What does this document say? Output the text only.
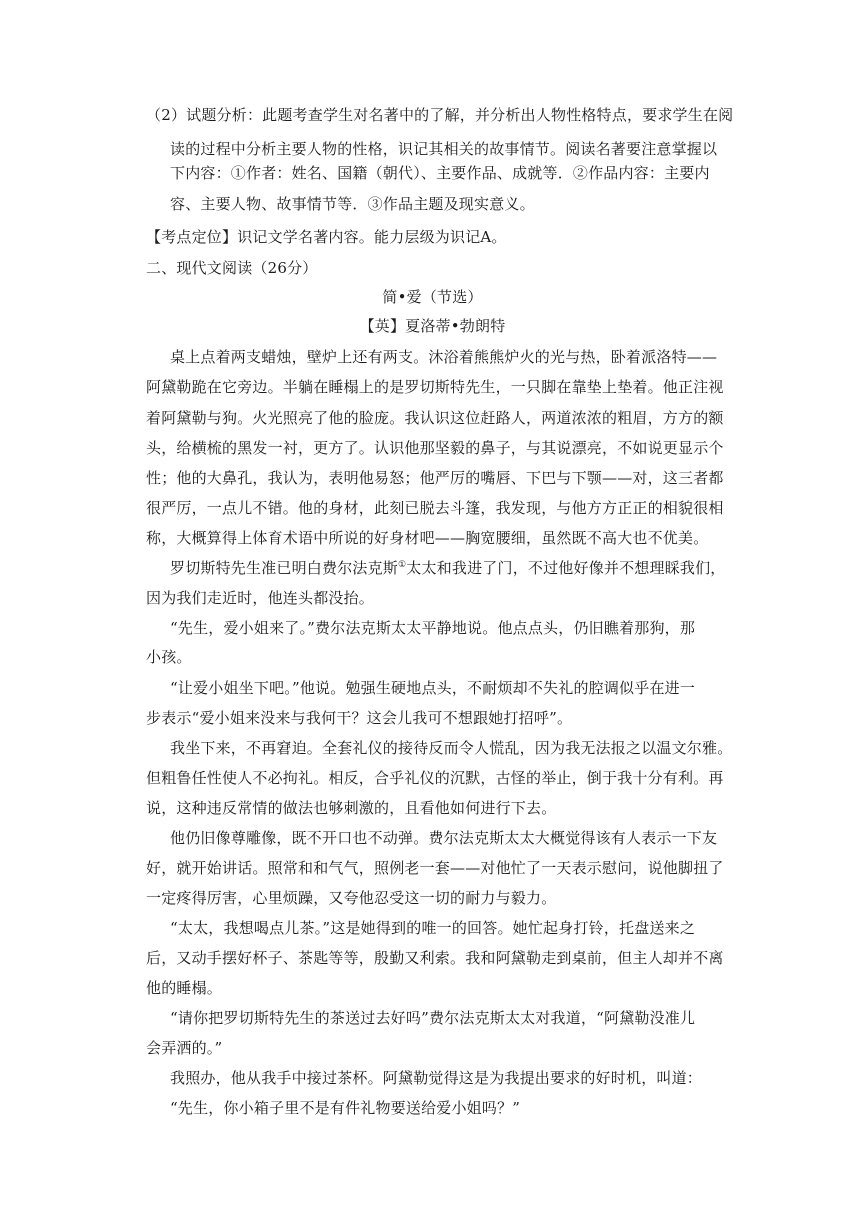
（2）试题分析：此题考查学生对名著中的了解，并分析出人物性格特点，要求学生在阅
读的过程中分析主要人物的性格，识记其相关的故事情节。阅读名著要注意掌握以
下内容：①作者：姓名、国籍（朝代）、主要作品、成就等．②作品内容：主要内
容、主要人物、故事情节等．③作品主题及现实意义。
【考点定位】识记文学名著内容。能力层级为识记A。
二、现代文阅读（26分）
简•爱（节选）
【英】夏洛蒂•勃朗特
桌上点着两支蜡烛，壁炉上还有两支。沐浴着熊熊炉火的光与热，卧着派洛特——
阿黛勒跪在它旁边。半躺在睡榻上的是罗切斯特先生，一只脚在靠垫上垫着。他正注视
着阿黛勒与狗。火光照亮了他的脸庞。我认识这位赶路人，两道浓浓的粗眉，方方的额
头，给横梳的黑发一衬，更方了。认识他那坚毅的鼻子，与其说漂亮，不如说更显示个
性；他的大鼻孔，我认为，表明他易怒；他严厉的嘴唇、下巴与下颚——对，这三者都
很严厉，一点儿不错。他的身材，此刻已脱去斗篷，我发现，与他方方正正的相貌很相
称，大概算得上体育术语中所说的好身材吧——胸宽腰细，虽然既不高大也不优美。
罗切斯特先生准已明白费尔法克斯①太太和我进了门，不过他好像并不想理睬我们，
因为我们走近时，他连头都没抬。
“先生，爱小姐来了。”费尔法克斯太太平静地说。他点点头，仍旧瞧着那狗，那
小孩。
“让爱小姐坐下吧。”他说。勉强生硬地点头，不耐烦却不失礼的腔调似乎在进一
步表示“爱小姐来没来与我何干？这会儿我可不想跟她打招呼”。
我坐下来，不再窘迫。全套礼仪的接待反而令人慌乱，因为我无法报之以温文尔雅。
但粗鲁任性使人不必拘礼。相反，合乎礼仪的沉默，古怪的举止，倒于我十分有利。再
说，这种违反常情的做法也够刺激的，且看他如何进行下去。
他仍旧像尊雕像，既不开口也不动弹。费尔法克斯太太大概觉得该有人表示一下友
好，就开始讲话。照常和和气气，照例老一套——对他忙了一天表示慰问，说他脚扭了
一定疼得厉害，心里烦躁，又夸他忍受这一切的耐力与毅力。
“太太，我想喝点儿茶。”这是她得到的唯一的回答。她忙起身打铃，托盘送来之
后，又动手摆好杯子、茶匙等等，殷勤又利索。我和阿黛勒走到桌前，但主人却并不离
他的睡榻。
“请你把罗切斯特先生的茶送过去好吗”费尔法克斯太太对我道，“阿黛勒没准儿
会弄洒的。”
我照办，他从我手中接过茶杯。阿黛勒觉得这是为我提出要求的好时机，叫道：
“先生，你小箱子里不是有件礼物要送给爱小姐吗？”
